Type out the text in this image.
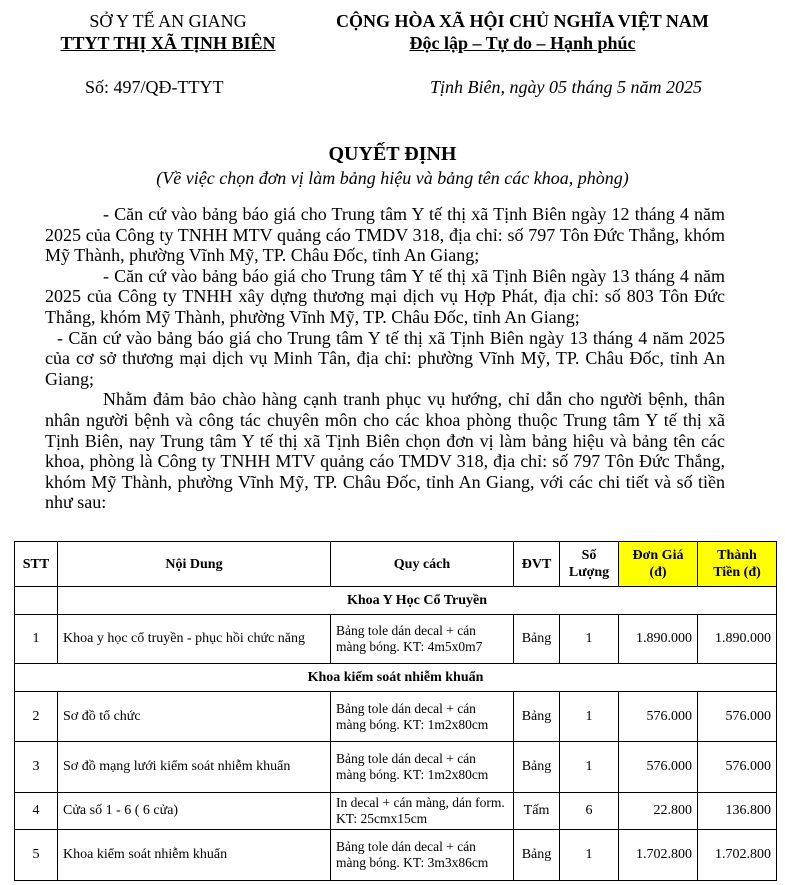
SỞ Y TẾ AN GIANG
TTYT THỊ XÃ TỊNH BIÊN
CỘNG HÒA XÃ HỘI CHỦ NGHĨA VIỆT NAM
Độc lập – Tự do – Hạnh phúc
Số: 497/QĐ-TTYT	Tịnh Biên, ngày 05 tháng 5 năm 2025
QUYẾT ĐỊNH
(Về việc chọn đơn vị làm bảng hiệu và bảng tên các khoa, phòng)

- Căn cứ vào bảng báo giá cho Trung tâm Y tế thị xã Tịnh Biên ngày 12 tháng 4 năm 2025 của Công ty TNHH MTV quảng cáo TMDV 318, địa chỉ: số 797 Tôn Đức Thắng, khóm Mỹ Thành, phường Vĩnh Mỹ, TP. Châu Đốc, tỉnh An Giang;

- Căn cứ vào bảng báo giá cho Trung tâm Y tế thị xã Tịnh Biên ngày 13 tháng 4 năm 2025 của Công ty TNHH xây dựng thương mại dịch vụ Hợp Phát, địa chỉ: số 803 Tôn Đức Thắng, khóm Mỹ Thành, phường Vĩnh Mỹ, TP. Châu Đốc, tỉnh An Giang;

- Căn cứ vào bảng báo giá cho Trung tâm Y tế thị xã Tịnh Biên ngày 13 tháng 4 năm 2025 của cơ sở thương mại dịch vụ Minh Tân, địa chỉ: phường Vĩnh Mỹ, TP. Châu Đốc, tỉnh An Giang;

Nhằm đảm bảo chào hàng cạnh tranh phục vụ hướng, chỉ dẫn cho người bệnh, thân nhân người bệnh và công tác chuyên môn cho các khoa phòng thuộc Trung tâm Y tế thị xã Tịnh Biên, nay Trung tâm Y tế thị xã Tịnh Biên chọn đơn vị làm bảng hiệu và bảng tên các khoa, phòng là Công ty TNHH MTV quảng cáo TMDV 318, địa chỉ: số 797 Tôn Đức Thắng, khóm Mỹ Thành, phường Vĩnh Mỹ, TP. Châu Đốc, tỉnh An Giang, với các chi tiết và số tiền như sau:

STT	Nội Dung	Quy cách	ĐVT	Số Lượng	Đơn Giá (đ)	Thành Tiền (đ)
	Khoa Y Học Cổ Truyền					
1	Khoa y học cổ truyền - phục hồi chức năng	Bảng tole dán decal + cán màng bóng. KT: 4m5x0m7	Bảng	1	1.890.000	1.890.000
Khoa kiểm soát nhiễm khuẩn						
2	Sơ đồ tổ chức	Bảng tole dán decal + cán màng bóng. KT: 1m2x80cm	Bảng	1	576.000	576.000
3	Sơ đồ mạng lưới kiểm soát nhiễm khuẩn	Bảng tole dán decal + cán màng bóng. KT: 1m2x80cm	Bảng	1	576.000	576.000
4	Cửa số 1 - 6 ( 6 cửa)	In decal + cán màng, dán form. KT: 25cmx15cm	Tấm	6	22.800	136.800
5	Khoa kiểm soát nhiễm khuẩn	Bảng tole dán decal + cán màng bóng. KT: 3m3x86cm	Bảng	1	1.702.800	1.702.800
